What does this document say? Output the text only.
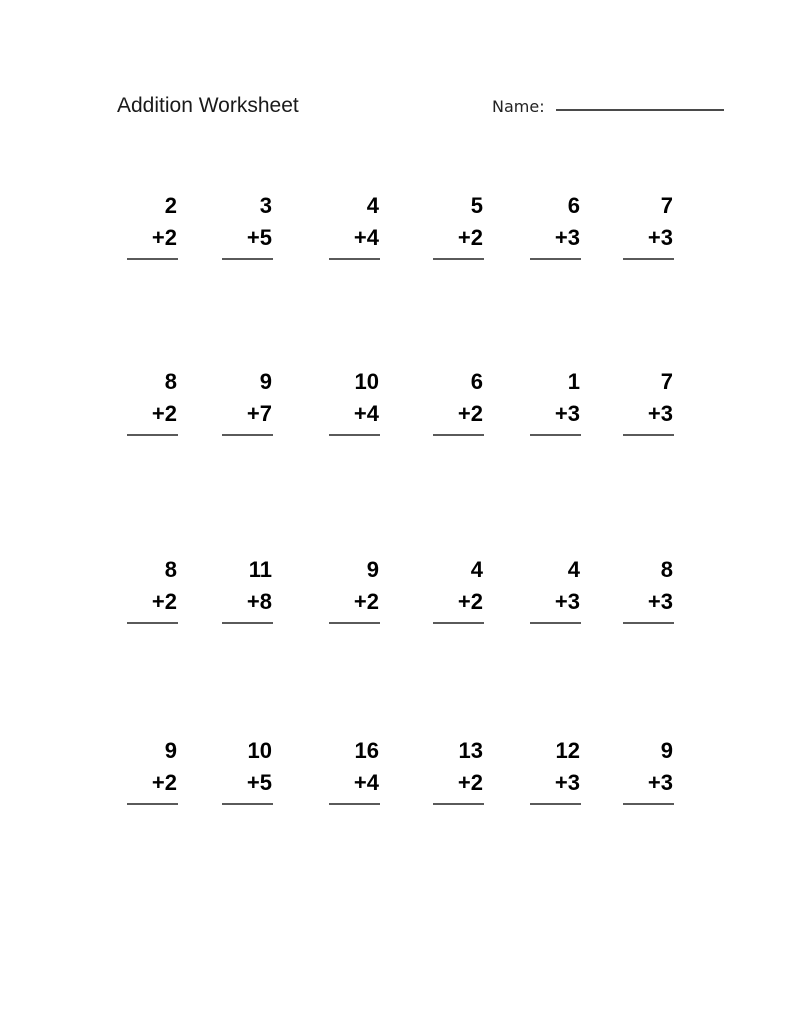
Addition Worksheet	Name:
2
+2
3
+5
4
+4
5
+2
6
+3
7
+3
8
+2
9
+7
10
+4
6
+2
1
+3
7
+3
8
+2
11
+8
9
+2
4
+2
4
+3
8
+3
9
+2
10
+5
16
+4
13
+2
12
+3
9
+3
